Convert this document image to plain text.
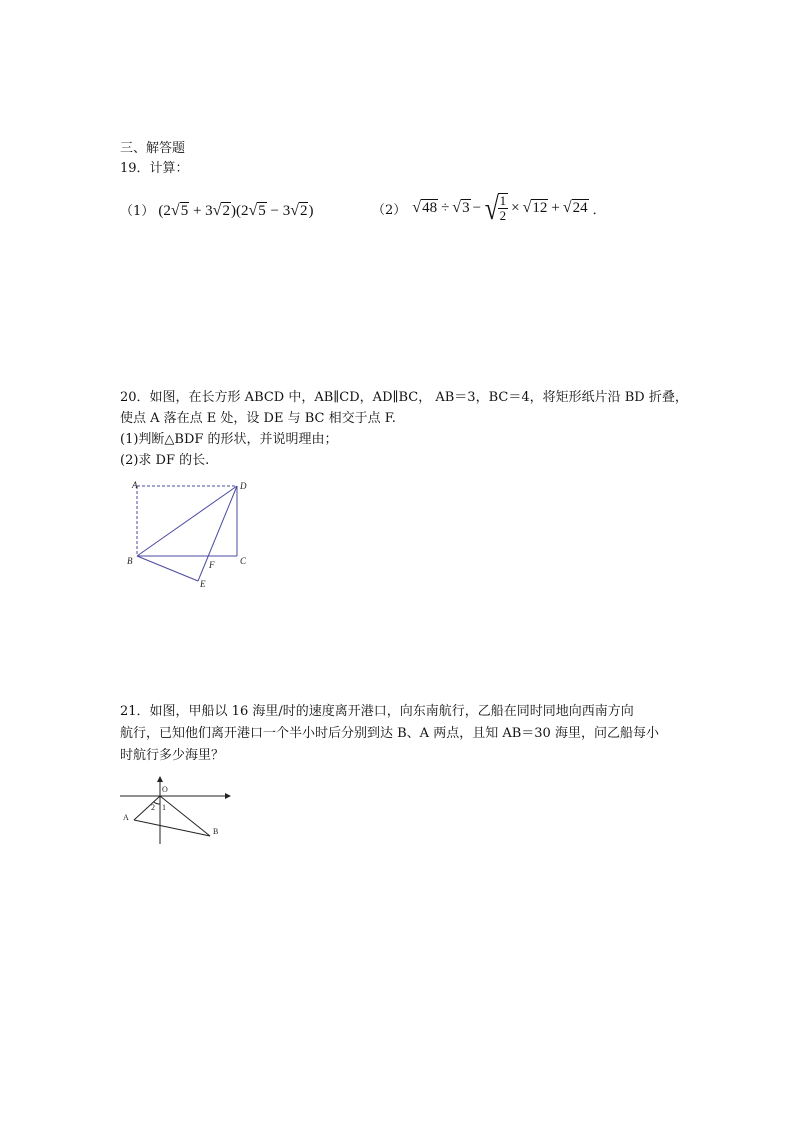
三、解答题
19．计算：
（1） (2√5 + 3√2)(2√5 − 3√2)	（2） √48 ÷ √3 − √
$\frac{1}{2} \times √12 + √24$ ．
20．如图，在长方形 ABCD 中，AB∥CD，AD∥BC， AB＝3，BC＝4，将矩形纸片沿 BD 折叠，
使点 A 落在点 E 处，设 DE 与 BC 相交于点 F.
(1)判断△BDF 的形状，并说明理由；
(2)求 DF 的长.
A	D
B	C
F
E
21．如图，甲船以 16 海里/时的速度离开港口，向东南航行，乙船在同时同地向西南方向
航行，已知他们离开港口一个半小时后分别到达 B、A 两点，且知 AB＝30 海里，问乙船每小
时航行多少海里？
O
2 1
A
B
